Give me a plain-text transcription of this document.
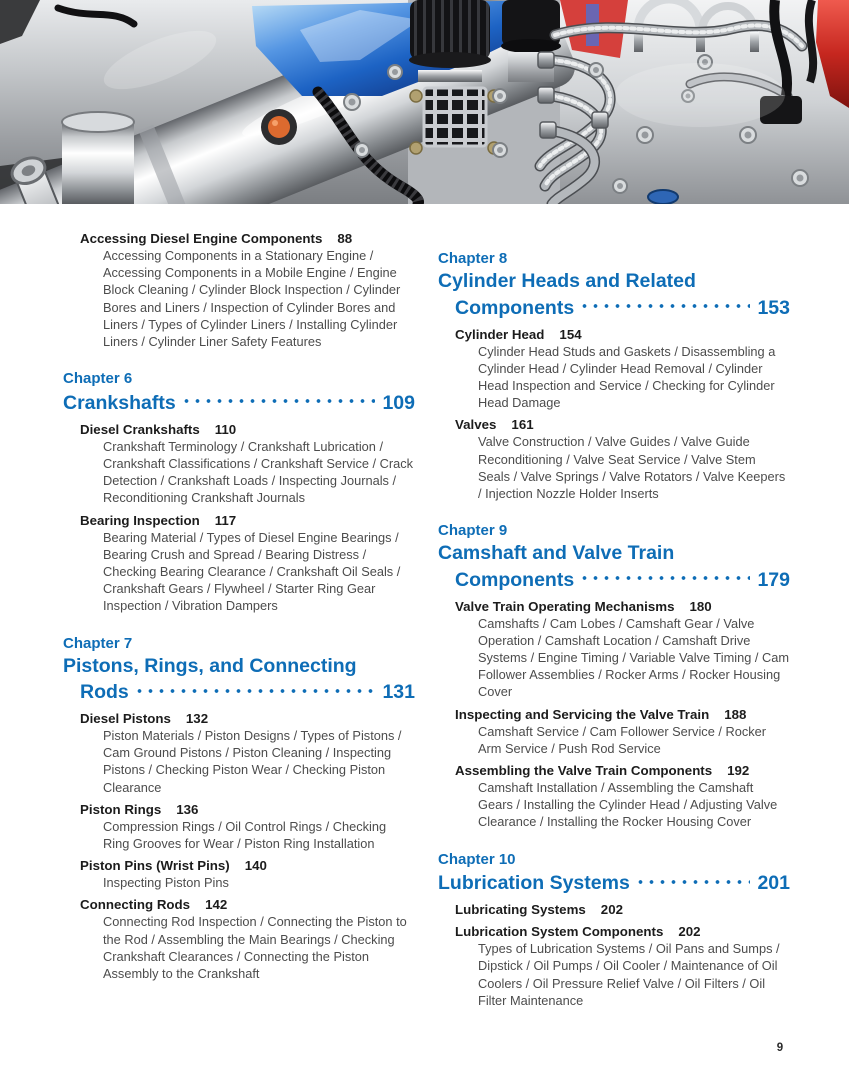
Accessing Diesel Engine Components 88
Accessing Components in a Stationary Engine / Accessing Components in a Mobile Engine / Engine Block Cleaning / Cylinder Block Inspection / Cylinder Bores and Liners / Inspection of Cylinder Bores and Liners / Types of Cylinder Liners / Installing Cylinder Liners / Cylinder Liner Safety Features
Chapter 6
Crankshafts	109
Diesel Crankshafts 110
Crankshaft Terminology / Crankshaft Lubrication / Crankshaft Classifications / Crankshaft Service / Crack Detection / Crankshaft Loads / Inspecting Journals / Reconditioning Crankshaft Journals
Bearing Inspection 117
Bearing Material / Types of Diesel Engine Bearings / Bearing Crush and Spread / Bearing Distress / Checking Bearing Clearance / Crankshaft Oil Seals / Crankshaft Gears / Flywheel / Starter Ring Gear Inspection / Vibration Dampers
Chapter 7
Pistons, Rings, and Connecting
Rods	131
Diesel Pistons 132
Piston Materials / Piston Designs / Types of Pistons / Cam Ground Pistons / Piston Cleaning / Inspecting Pistons / Checking Piston Wear / Checking Piston Clearance
Piston Rings 136
Compression Rings / Oil Control Rings / Checking Ring Grooves for Wear / Piston Ring Installation
Piston Pins (Wrist Pins) 140
Inspecting Piston Pins
Connecting Rods 142
Connecting Rod Inspection / Connecting the Piston to the Rod / Assembling the Main Bearings / Checking Crankshaft Clearances / Connecting the Piston Assembly to the Crankshaft
Chapter 8
Cylinder Heads and Related
Components	153
Cylinder Head 154
Cylinder Head Studs and Gaskets / Disassembling a Cylinder Head / Cylinder Head Removal / Cylinder Head Inspection and Service / Checking for Cylinder Head Damage
Valves 161
Valve Construction / Valve Guides / Valve Guide Reconditioning / Valve Seat Service / Valve Stem Seals / Valve Springs / Valve Rotators / Valve Keepers / Injection Nozzle Holder Inserts
Chapter 9
Camshaft and Valve Train
Components	179
Valve Train Operating Mechanisms 180
Camshafts / Cam Lobes / Camshaft Gear / Valve Operation / Camshaft Location / Camshaft Drive Systems / Engine Timing / Variable Valve Timing / Cam Follower Assemblies / Rocker Arms / Rocker Housing Cover
Inspecting and Servicing the Valve Train 188
Camshaft Service / Cam Follower Service / Rocker Arm Service / Push Rod Service
Assembling the Valve Train Components 192
Camshaft Installation / Assembling the Camshaft Gears / Installing the Cylinder Head / Adjusting Valve Clearance / Installing the Rocker Housing Cover
Chapter 10
Lubrication Systems	201
Lubricating Systems 202
Lubrication System Components 202
Types of Lubrication Systems / Oil Pans and Sumps / Dipstick / Oil Pumps / Oil Cooler / Maintenance of Oil Coolers / Oil Pressure Relief Valve / Oil Filters / Oil Filter Maintenance
9
